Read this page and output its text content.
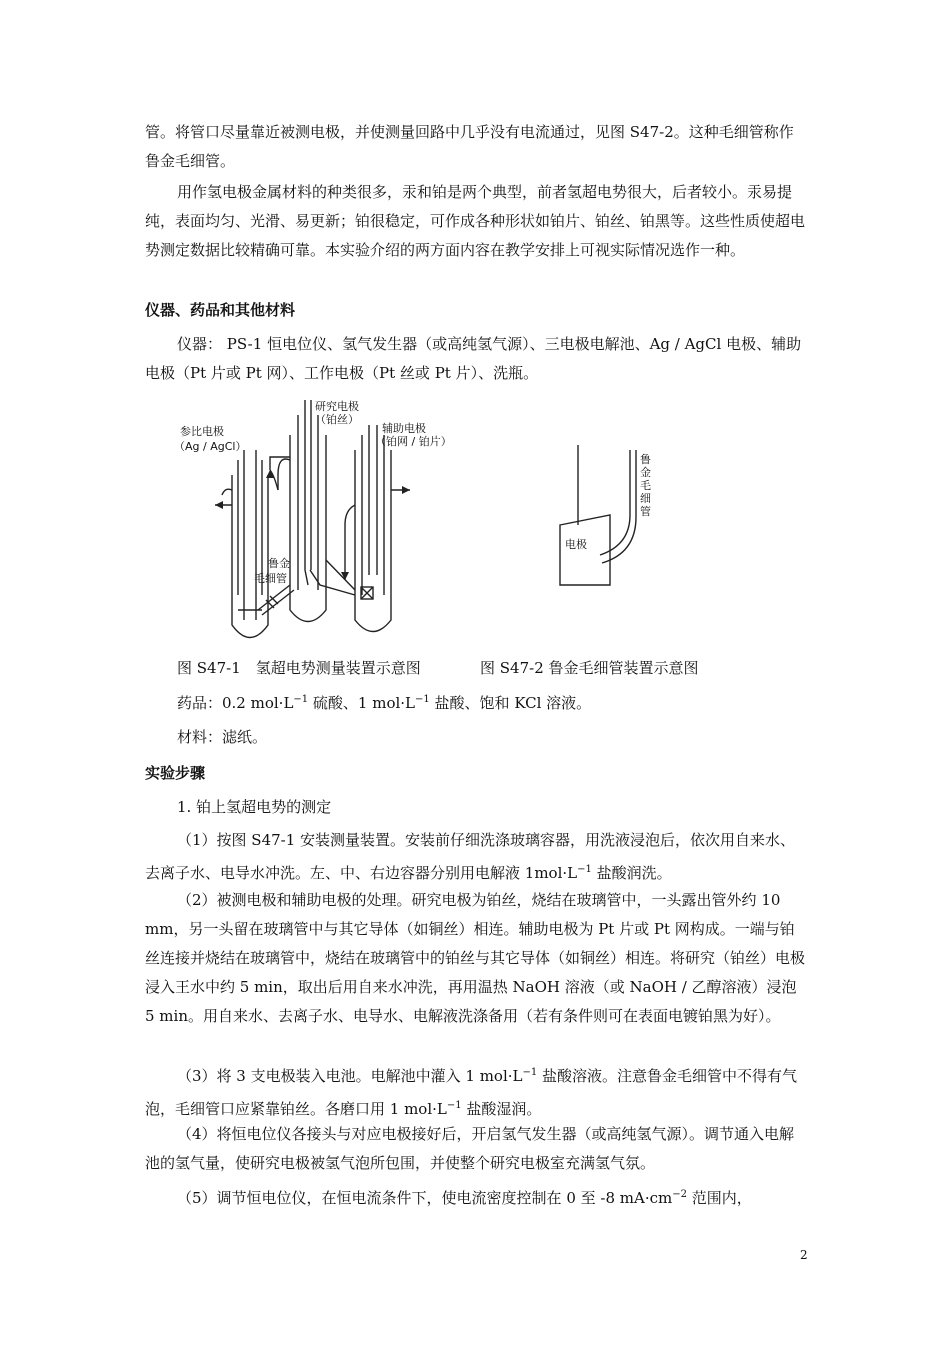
管。将管口尽量靠近被测电极，并使测量回路中几乎没有电流通过，见图 S47-2。这种毛细管称作鲁金毛细管。

用作氢电极金属材料的种类很多，汞和铂是两个典型，前者氢超电势很大，后者较小。汞易提纯，表面均匀、光滑、易更新；铂很稳定，可作成各种形状如铂片、铂丝、铂黑等。这些性质使超电势测定数据比较精确可靠。本实验介绍的两方面内容在教学安排上可视实际情况选作一种。

仪器、药品和其他材料

仪器： PS-1 恒电位仪、氢气发生器（或高纯氢气源）、三电极电解池、Ag / AgCl 电极、辅助电极（Pt 片或 Pt 网）、工作电极（Pt 丝或 Pt 片）、洗瓶。

参比电极
（Ag / AgCl）
研究电极
（铂丝）
辅助电极
（铂网 / 铂片）
鲁金
毛细管
电极
鲁
金
毛
细
管
图 S47-1　氢超电势测量装置示意图	图 S47-2 鲁金毛细管装置示意图
药品：0.2 $mol\cdot L^{-1}$ 硫酸、1 $mol\cdot L^{-1}$ 盐酸、饱和 KCl 溶液。
材料：滤纸。

实验步骤

1. 铂上氢超电势的测定

（1）按图 S47-1 安装测量装置。安装前仔细洗涤玻璃容器，用洗液浸泡后，依次用自来水、去离子水、电导水冲洗。左、中、右边容器分别用电解液 $1mol\cdot L^{-1}$ 盐酸润洗。

（2）被测电极和辅助电极的处理。研究电极为铂丝，烧结在玻璃管中，一头露出管外约 10 mm，另一头留在玻璃管中与其它导体（如铜丝）相连。辅助电极为 Pt 片或 Pt 网构成。一端与铂丝连接并烧结在玻璃管中，烧结在玻璃管中的铂丝与其它导体（如铜丝）相连。将研究（铂丝）电极浸入王水中约 5 min，取出后用自来水冲洗，再用温热 NaOH 溶液（或 NaOH / 乙醇溶液）浸泡 5 min。用自来水、去离子水、电导水、电解液洗涤备用（若有条件则可在表面电镀铂黑为好）。

（3）将 3 支电极装入电池。电解池中灌入 1 $mol\cdot L^{-1}$ 盐酸溶液。注意鲁金毛细管中不得有气泡，毛细管口应紧靠铂丝。各磨口用 1 $mol\cdot L^{-1}$ 盐酸湿润。

（4）将恒电位仪各接头与对应电极接好后，开启氢气发生器（或高纯氢气源）。调节通入电解池的氢气量，使研究电极被氢气泡所包围，并使整个研究电极室充满氢气氛。

（5）调节恒电位仪，在恒电流条件下，使电流密度控制在 0 至 -8 $mA\cdot cm^{-2}$ 范围内，

2
